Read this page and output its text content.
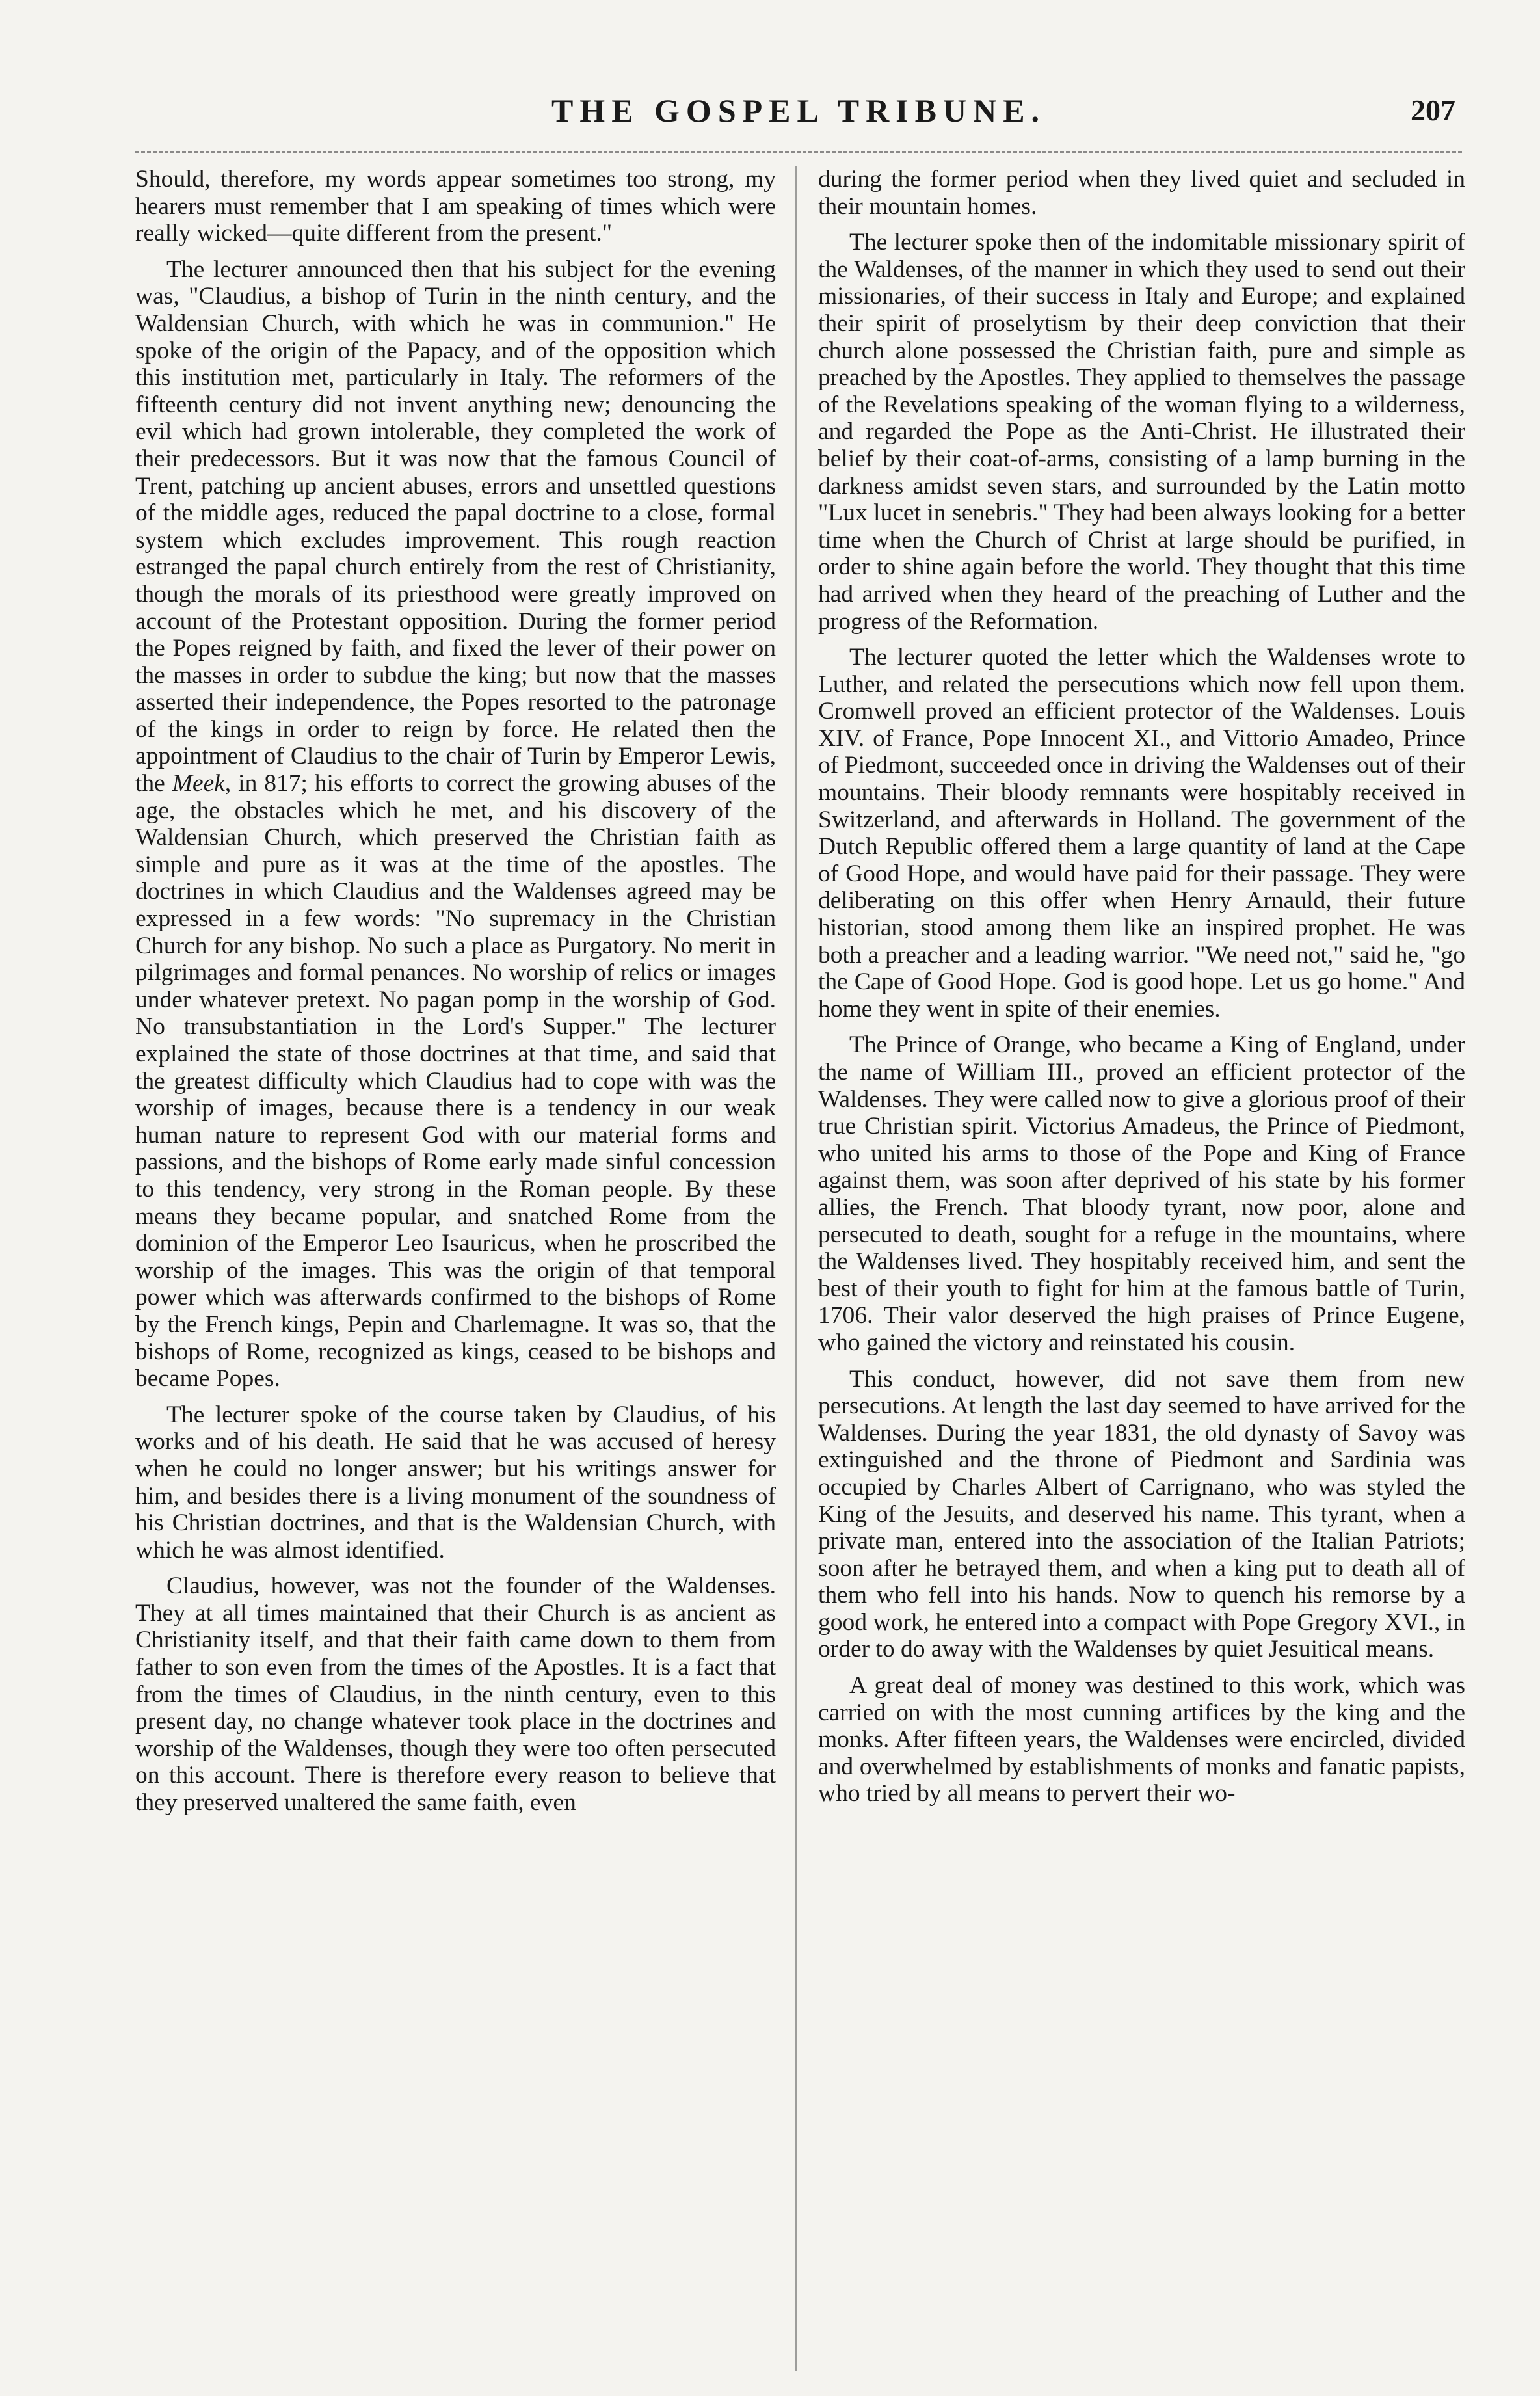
THE GOSPEL TRIBUNE.	207

Should, therefore, my words appear sometimes too strong, my hearers must remember that I am speaking of times which were really wicked—quite different from the present."

The lecturer announced then that his subject for the evening was, "Claudius, a bishop of Turin in the ninth century, and the Waldensian Church, with which he was in communion." He spoke of the origin of the Papacy, and of the opposition which this institution met, particularly in Italy. The reformers of the fifteenth century did not invent anything new; denouncing the evil which had grown intolerable, they completed the work of their predecessors. But it was now that the famous Council of Trent, patching up ancient abuses, errors and unsettled questions of the middle ages, reduced the papal doctrine to a close, formal system which excludes improvement. This rough reaction estranged the papal church entirely from the rest of Christianity, though the morals of its priesthood were greatly improved on account of the Protestant opposition. During the former period the Popes reigned by faith, and fixed the lever of their power on the masses in order to subdue the king; but now that the masses asserted their independence, the Popes resorted to the patronage of the kings in order to reign by force. He related then the appointment of Claudius to the chair of Turin by Emperor Lewis, the Meek, in 817; his efforts to correct the growing abuses of the age, the obstacles which he met, and his discovery of the Waldensian Church, which preserved the Christian faith as simple and pure as it was at the time of the apostles. The doctrines in which Claudius and the Waldenses agreed may be expressed in a few words: "No supremacy in the Christian Church for any bishop. No such a place as Purgatory. No merit in pilgrimages and formal penances. No worship of relics or images under whatever pretext. No pagan pomp in the worship of God. No transubstantiation in the Lord's Supper." The lecturer explained the state of those doctrines at that time, and said that the greatest difficulty which Claudius had to cope with was the worship of images, because there is a tendency in our weak human nature to represent God with our material forms and passions, and the bishops of Rome early made sinful concession to this tendency, very strong in the Roman people. By these means they became popular, and snatched Rome from the dominion of the Emperor Leo Isauricus, when he proscribed the worship of the images. This was the origin of that temporal power which was afterwards confirmed to the bishops of Rome by the French kings, Pepin and Charlemagne. It was so, that the bishops of Rome, recognized as kings, ceased to be bishops and became Popes.

The lecturer spoke of the course taken by Claudius, of his works and of his death. He said that he was accused of heresy when he could no longer answer; but his writings answer for him, and besides there is a living monument of the soundness of his Christian doctrines, and that is the Waldensian Church, with which he was almost identified.

Claudius, however, was not the founder of the Waldenses. They at all times maintained that their Church is as ancient as Christianity itself, and that their faith came down to them from father to son even from the times of the Apostles. It is a fact that from the times of Claudius, in the ninth century, even to this present day, no change whatever took place in the doctrines and worship of the Waldenses, though they were too often persecuted on this account. There is therefore every reason to believe that they preserved unaltered the same faith, even

during the former period when they lived quiet and secluded in their mountain homes.

The lecturer spoke then of the indomitable missionary spirit of the Waldenses, of the manner in which they used to send out their missionaries, of their success in Italy and Europe; and explained their spirit of proselytism by their deep conviction that their church alone possessed the Christian faith, pure and simple as preached by the Apostles. They applied to themselves the passage of the Revelations speaking of the woman flying to a wilderness, and regarded the Pope as the Anti-Christ. He illustrated their belief by their coat-of-arms, consisting of a lamp burning in the darkness amidst seven stars, and surrounded by the Latin motto "Lux lucet in senebris." They had been always looking for a better time when the Church of Christ at large should be purified, in order to shine again before the world. They thought that this time had arrived when they heard of the preaching of Luther and the progress of the Reformation.

The lecturer quoted the letter which the Waldenses wrote to Luther, and related the persecutions which now fell upon them. Cromwell proved an efficient protector of the Waldenses. Louis XIV. of France, Pope Innocent XI., and Vittorio Amadeo, Prince of Piedmont, succeeded once in driving the Waldenses out of their mountains. Their bloody remnants were hospitably received in Switzerland, and afterwards in Holland. The government of the Dutch Republic offered them a large quantity of land at the Cape of Good Hope, and would have paid for their passage. They were deliberating on this offer when Henry Arnauld, their future historian, stood among them like an inspired prophet. He was both a preacher and a leading warrior. "We need not," said he, "go the Cape of Good Hope. God is good hope. Let us go home." And home they went in spite of their enemies.

The Prince of Orange, who became a King of England, under the name of William III., proved an efficient protector of the Waldenses. They were called now to give a glorious proof of their true Christian spirit. Victorius Amadeus, the Prince of Piedmont, who united his arms to those of the Pope and King of France against them, was soon after deprived of his state by his former allies, the French. That bloody tyrant, now poor, alone and persecuted to death, sought for a refuge in the mountains, where the Waldenses lived. They hospitably received him, and sent the best of their youth to fight for him at the famous battle of Turin, 1706. Their valor deserved the high praises of Prince Eugene, who gained the victory and reinstated his cousin.

This conduct, however, did not save them from new persecutions. At length the last day seemed to have arrived for the Waldenses. During the year 1831, the old dynasty of Savoy was extinguished and the throne of Piedmont and Sardinia was occupied by Charles Albert of Carrignano, who was styled the King of the Jesuits, and deserved his name. This tyrant, when a private man, entered into the association of the Italian Patriots; soon after he betrayed them, and when a king put to death all of them who fell into his hands. Now to quench his remorse by a good work, he entered into a compact with Pope Gregory XVI., in order to do away with the Waldenses by quiet Jesuitical means.

A great deal of money was destined to this work, which was carried on with the most cunning artifices by the king and the monks. After fifteen years, the Waldenses were encircled, divided and overwhelmed by establishments of monks and fanatic papists, who tried by all means to pervert their wo-
